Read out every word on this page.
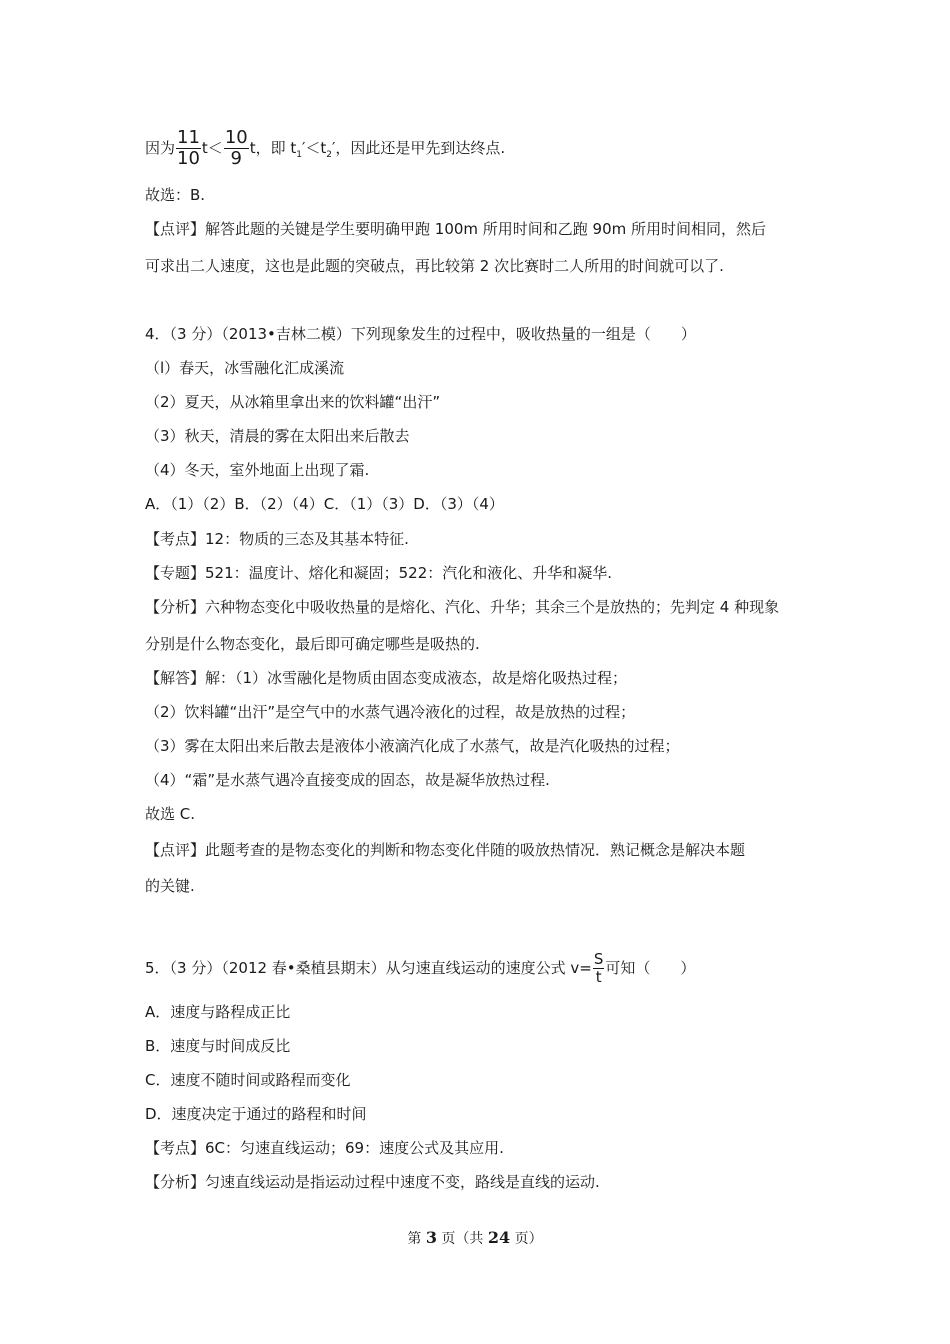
因为 $\frac{11}{10} t< \frac{10}{9}$ t，即 $t_1'<t_2'$，因此还是甲先到达终点.
故选：B.
【点评】解答此题的关键是学生要明确甲跑 100m 所用时间和乙跑 90m 所用时间相同，然后
可求出二人速度，这也是此题的突破点，再比较第 2 次比赛时二人所用的时间就可以了.
4．（3 分）（2013•吉林二模）下列现象发生的过程中，吸收热量的一组是（　　）
（l）春天，冰雪融化汇成溪流
（2）夏天，从冰箱里拿出来的饮料罐“出汗”
（3）秋天，清晨的雾在太阳出来后散去
（4）冬天，室外地面上出现了霜.
A．（1）（2）B．（2）（4）C．（1）（3）D．（3）（4）
【考点】12：物质的三态及其基本特征.
【专题】521：温度计、熔化和凝固；522：汽化和液化、升华和凝华.
【分析】六种物态变化中吸收热量的是熔化、汽化、升华；其余三个是放热的；先判定 4 种现象
分别是什么物态变化，最后即可确定哪些是吸热的.
【解答】解：（1）冰雪融化是物质由固态变成液态，故是熔化吸热过程；
（2）饮料罐“出汗”是空气中的水蒸气遇冷液化的过程，故是放热的过程；
（3）雾在太阳出来后散去是液体小液滴汽化成了水蒸气，故是汽化吸热的过程；
（4）“霜”是水蒸气遇冷直接变成的固态，故是凝华放热过程.
故选 C.
【点评】此题考查的是物态变化的判断和物态变化伴随的吸放热情况．熟记概念是解决本题
的关键.
5．（3 分）（2012 春•桑植县期末）从匀速直线运动的速度公式 $v= \frac{S}{t}$ 可知（　　）
A．速度与路程成正比
B．速度与时间成反比
C．速度不随时间或路程而变化
D．速度决定于通过的路程和时间
【考点】6C：匀速直线运动；69：速度公式及其应用.
【分析】匀速直线运动是指运动过程中速度不变，路线是直线的运动.
第 3 页（共 24 页）
